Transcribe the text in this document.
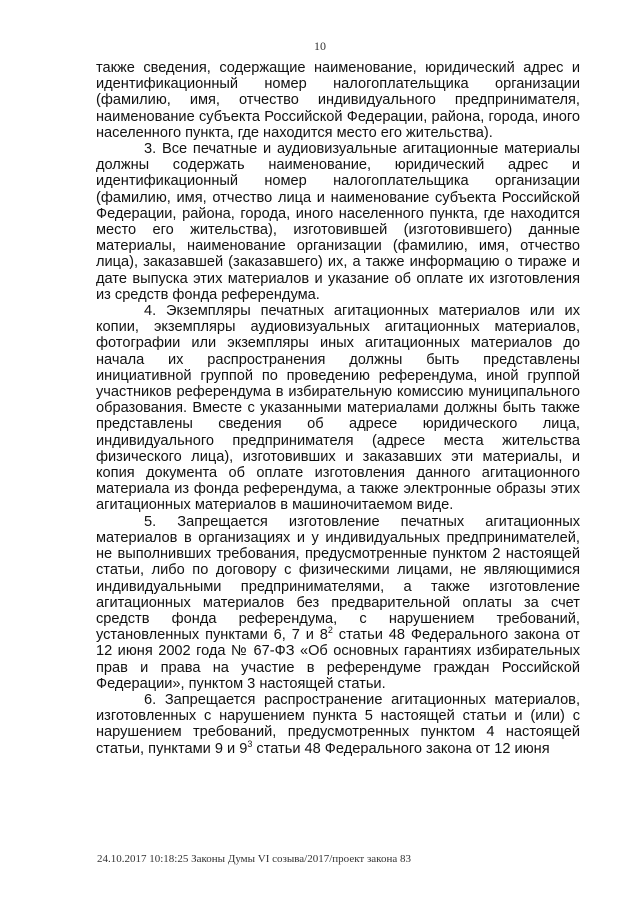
10

также сведения, содержащие наименование, юридический адрес и идентификационный номер налогоплательщика организации (фамилию, имя, отчество индивидуального предпринимателя, наименование субъекта Российской Федерации, района, города, иного населенного пункта, где находится место его жительства).

3. Все печатные и аудиовизуальные агитационные материалы должны содержать наименование, юридический адрес и идентификационный номер налогоплательщика организации (фамилию, имя, отчество лица и наименование субъекта Российской Федерации, района, города, иного населенного пункта, где находится место его жительства), изготовившей (изготовившего) данные материалы, наименование организации (фамилию, имя, отчество лица), заказавшей (заказавшего) их, а также информацию о тираже и дате выпуска этих материалов и указание об оплате их изготовления из средств фонда референдума.

4. Экземпляры печатных агитационных материалов или их копии, экземпляры аудиовизуальных агитационных материалов, фотографии или экземпляры иных агитационных материалов до начала их распространения должны быть представлены инициативной группой по проведению референдума, иной группой участников референдума в избирательную комиссию муниципального образования. Вместе с указанными материалами должны быть также представлены сведения об адресе юридического лица, индивидуального предпринимателя (адресе места жительства физического лица), изготовивших и заказавших эти материалы, и копия документа об оплате изготовления данного агитационного материала из фонда референдума, а также электронные образы этих агитационных материалов в машиночитаемом виде.

5. Запрещается изготовление печатных агитационных материалов в организациях и у индивидуальных предпринимателей, не выполнивших требования, предусмотренные пунктом 2 настоящей статьи, либо по договору с физическими лицами, не являющимися индивидуальными предпринимателями, а также изготовление агитационных материалов без предварительной оплаты за счет средств фонда референдума, с нарушением требований, установленных пунктами 6, 7 и $8^2$ статьи 48 Федерального закона от 12 июня 2002 года № 67-ФЗ «Об основных гарантиях избирательных прав и права на участие в референдуме граждан Российской Федерации», пунктом 3 настоящей статьи.

6. Запрещается распространение агитационных материалов, изготовленных с нарушением пункта 5 настоящей статьи и (или) с нарушением требований, предусмотренных пунктом 4 настоящей статьи, пунктами 9 и $9^3$ статьи 48 Федерального закона от 12 июня

24.10.2017 10:18:25 Законы Думы VI созыва/2017/проект закона 83
